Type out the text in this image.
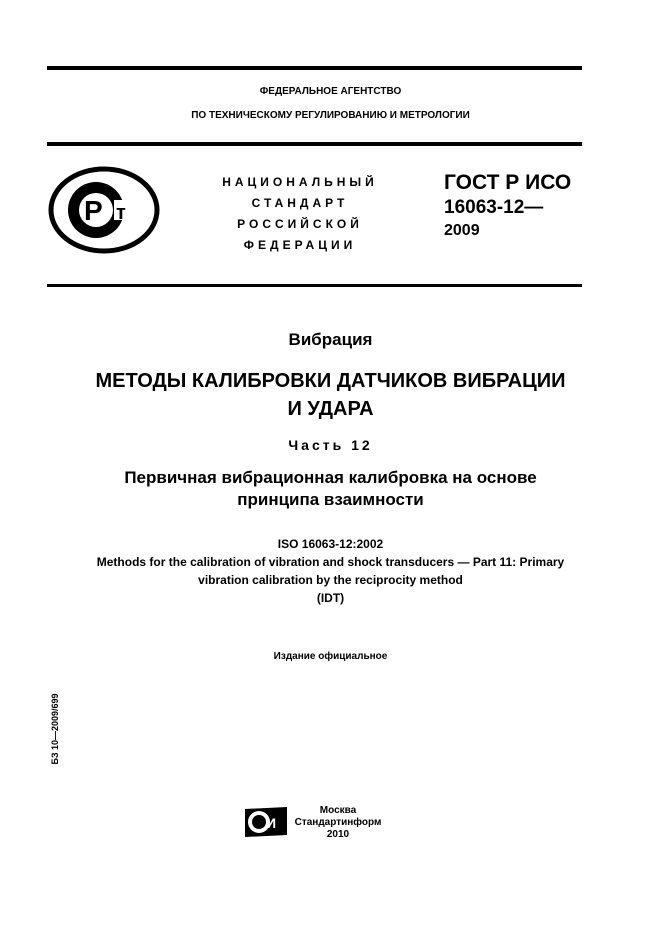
ФЕДЕРАЛЬНОЕ АГЕНТСТВО
ПО ТЕХНИЧЕСКОМУ РЕГУЛИРОВАНИЮ И МЕТРОЛОГИИ
P т
НАЦИОНАЛЬНЫЙ
СТАНДАРТ
РОССИЙСКОЙ
ФЕДЕРАЦИИ
ГОСТ Р ИСО
16063-12—
2009
Вибрация
МЕТОДЫ КАЛИБРОВКИ ДАТЧИКОВ ВИБРАЦИИ
И УДАРА
Часть 12
Первичная вибрационная калибровка на основе
принципа взаимности
ISO 16063-12:2002
Methods for the calibration of vibration and shock transducers — Part 11: Primary
vibration calibration by the reciprocity method
(IDT)
Издание официальное
БЗ 10—2009/699
И
Москва
Стандартинформ
2010
